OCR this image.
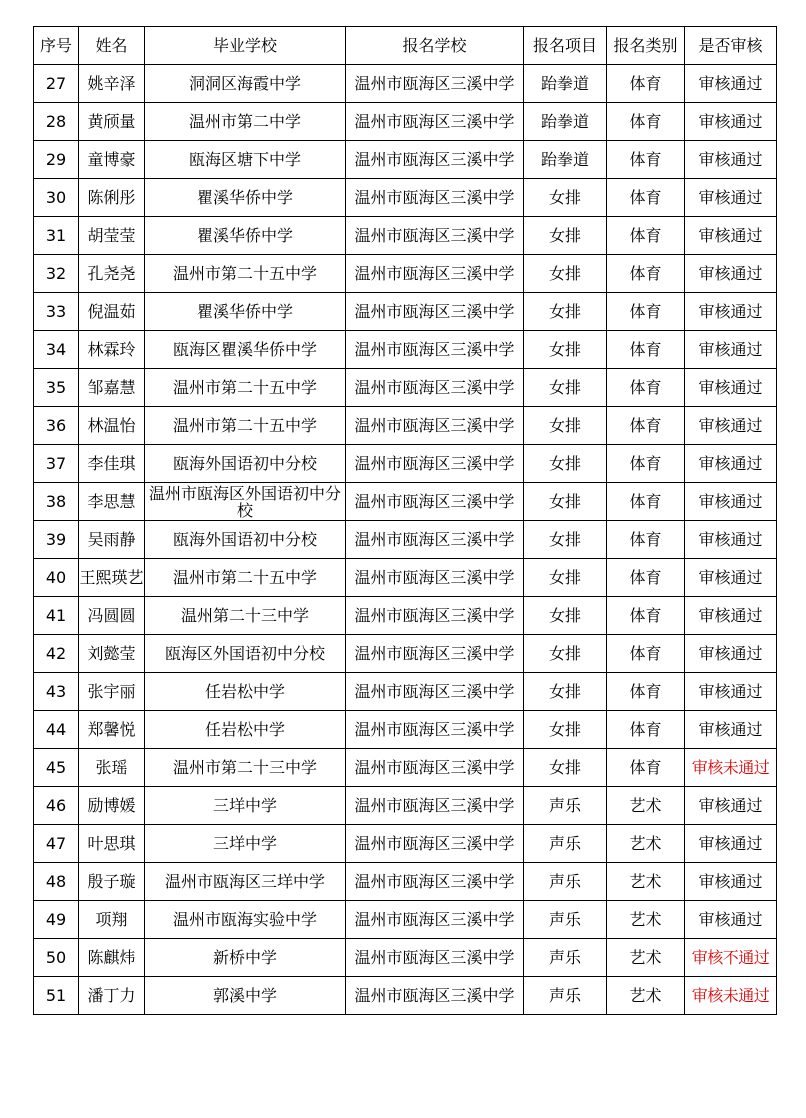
序号	姓名	毕业学校	报名学校	报名项目	报名类别	是否审核
27	姚辛泽	洞洞区海霞中学	温州市瓯海区三溪中学	跆拳道	体育	审核通过
28	黄颀量	温州市第二中学	温州市瓯海区三溪中学	跆拳道	体育	审核通过
29	童博豪	瓯海区塘下中学	温州市瓯海区三溪中学	跆拳道	体育	审核通过
30	陈俐彤	瞿溪华侨中学	温州市瓯海区三溪中学	女排	体育	审核通过
31	胡莹莹	瞿溪华侨中学	温州市瓯海区三溪中学	女排	体育	审核通过
32	孔尧尧	温州市第二十五中学	温州市瓯海区三溪中学	女排	体育	审核通过
33	倪温茹	瞿溪华侨中学	温州市瓯海区三溪中学	女排	体育	审核通过
34	林霖玲	瓯海区瞿溪华侨中学	温州市瓯海区三溪中学	女排	体育	审核通过
35	邹嘉慧	温州市第二十五中学	温州市瓯海区三溪中学	女排	体育	审核通过
36	林温怡	温州市第二十五中学	温州市瓯海区三溪中学	女排	体育	审核通过
37	李佳琪	瓯海外国语初中分校	温州市瓯海区三溪中学	女排	体育	审核通过
38	李思慧	温州市瓯海区外国语初中分校	温州市瓯海区三溪中学	女排	体育	审核通过
39	吴雨静	瓯海外国语初中分校	温州市瓯海区三溪中学	女排	体育	审核通过
40	王熙瑛艺	温州市第二十五中学	温州市瓯海区三溪中学	女排	体育	审核通过
41	冯圆圆	温州第二十三中学	温州市瓯海区三溪中学	女排	体育	审核通过
42	刘懿莹	瓯海区外国语初中分校	温州市瓯海区三溪中学	女排	体育	审核通过
43	张宇丽	任岩松中学	温州市瓯海区三溪中学	女排	体育	审核通过
44	郑馨悦	任岩松中学	温州市瓯海区三溪中学	女排	体育	审核通过
45	张瑶	温州市第二十三中学	温州市瓯海区三溪中学	女排	体育	审核未通过
46	励博媛	三垟中学	温州市瓯海区三溪中学	声乐	艺术	审核通过
47	叶思琪	三垟中学	温州市瓯海区三溪中学	声乐	艺术	审核通过
48	殷子璇	温州市瓯海区三垟中学	温州市瓯海区三溪中学	声乐	艺术	审核通过
49	项翔	温州市瓯海实验中学	温州市瓯海区三溪中学	声乐	艺术	审核通过
50	陈麒炜	新桥中学	温州市瓯海区三溪中学	声乐	艺术	审核不通过
51	潘丁力	郭溪中学	温州市瓯海区三溪中学	声乐	艺术	审核未通过
